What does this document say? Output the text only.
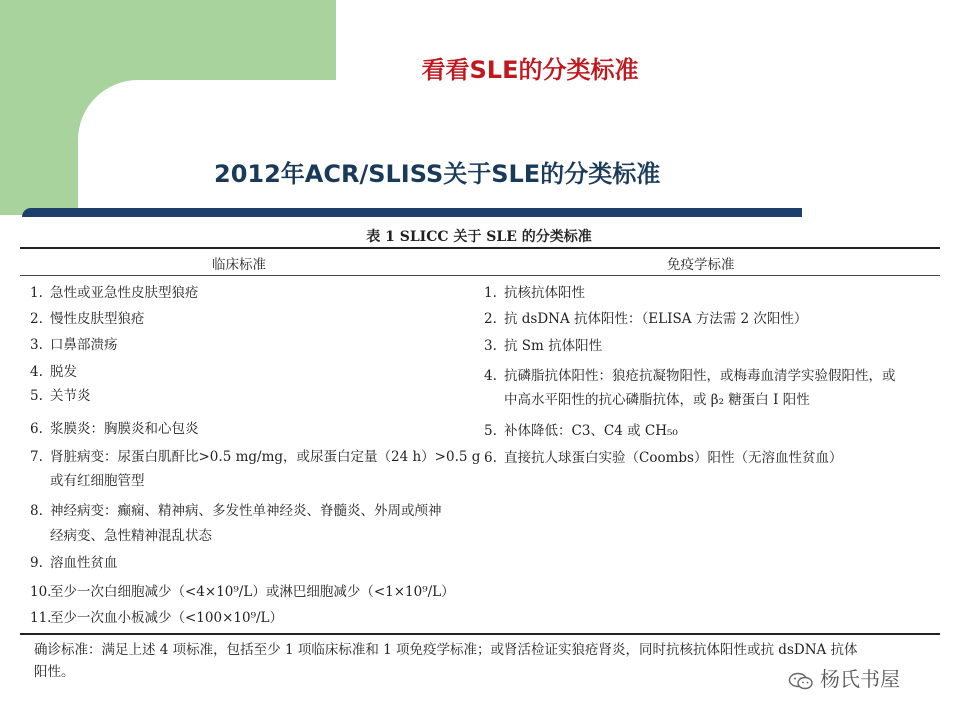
看看SLE的分类标准
2012年ACR/SLISS关于SLE的分类标准
表 1 SLICC 关于 SLE 的分类标准
临床标准	免疫学标准
1. 急性或亚急性皮肤型狼疮
2. 慢性皮肤型狼疮
3. 口鼻部溃疡
4. 脱发
5. 关节炎
6. 浆膜炎：胸膜炎和心包炎
7. 肾脏病变：尿蛋白肌酐比>0.5 mg/mg，或尿蛋白定量（24 h）>0.5 g
或有红细胞管型
8. 神经病变：癫痫、精神病、多发性单神经炎、脊髓炎、外周或颅神
经病变、急性精神混乱状态
9. 溶血性贫血
10.至少一次白细胞减少（<4×10⁹/L）或淋巴细胞减少（<1×10⁹/L）
11.至少一次血小板减少（<100×10⁹/L）
1. 抗核抗体阳性
2. 抗 dsDNA 抗体阳性：（ELISA 方法需 2 次阳性）
3. 抗 Sm 抗体阳性
4. 抗磷脂抗体阳性：狼疮抗凝物阳性，或梅毒血清学实验假阳性，或
中高水平阳性的抗心磷脂抗体，或 β₂ 糖蛋白 I 阳性
5. 补体降低：C3、C4 或 CH₅₀
6. 直接抗人球蛋白实验（Coombs）阳性（无溶血性贫血）
确诊标准：满足上述 4 项标准，包括至少 1 项临床标准和 1 项免疫学标准；或肾活检证实狼疮肾炎，同时抗核抗体阳性或抗 dsDNA 抗体
阳性。	杨氏书屋
